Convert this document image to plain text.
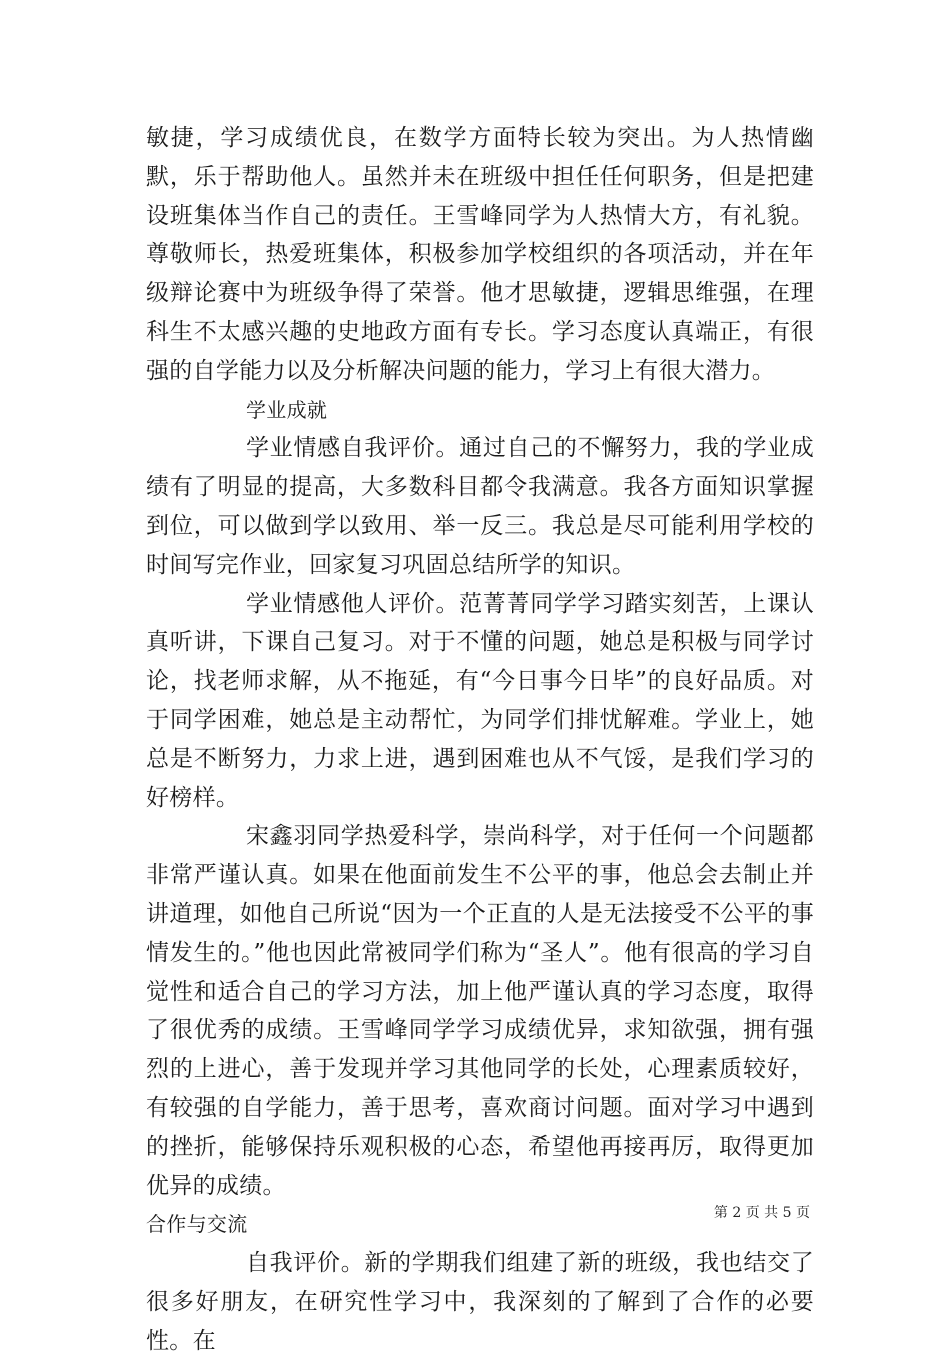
敏捷，学习成绩优良，在数学方面特长较为突出。为人热情幽默，乐于帮助他人。虽然并未在班级中担任任何职务，但是把建设班集体当作自己的责任。王雪峰同学为人热情大方，有礼貌。尊敬师长，热爱班集体，积极参加学校组织的各项活动，并在年级辩论赛中为班级争得了荣誉。他才思敏捷，逻辑思维强，在理科生不太感兴趣的史地政方面有专长。学习态度认真端正，有很强的自学能力以及分析解决问题的能力，学习上有很大潜力。

学业成就

学业情感自我评价。通过自己的不懈努力，我的学业成绩有了明显的提高，大多数科目都令我满意。我各方面知识掌握到位，可以做到学以致用、举一反三。我总是尽可能利用学校的时间写完作业，回家复习巩固总结所学的知识。

学业情感他人评价。范菁菁同学学习踏实刻苦，上课认真听讲，下课自己复习。对于不懂的问题，她总是积极与同学讨论，找老师求解，从不拖延，有“今日事今日毕”的良好品质。对于同学困难，她总是主动帮忙，为同学们排忧解难。学业上，她总是不断努力，力求上进，遇到困难也从不气馁，是我们学习的好榜样。

宋鑫羽同学热爱科学，崇尚科学，对于任何一个问题都非常严谨认真。如果在他面前发生不公平的事，他总会去制止并讲道理，如他自己所说“因为一个正直的人是无法接受不公平的事情发生的。”他也因此常被同学们称为“圣人”。他有很高的学习自觉性和适合自己的学习方法，加上他严谨认真的学习态度，取得了很优秀的成绩。王雪峰同学学习成绩优异，求知欲强，拥有强烈的上进心，善于发现并学习其他同学的长处，心理素质较好，有较强的自学能力，善于思考，喜欢商讨问题。面对学习中遇到的挫折，能够保持乐观积极的心态，希望他再接再厉，取得更加优异的成绩。

合作与交流

自我评价。新的学期我们组建了新的班级，我也结交了很多好朋友，在研究性学习中，我深刻的了解到了合作的必要性。在

第 2 页 共 5 页
